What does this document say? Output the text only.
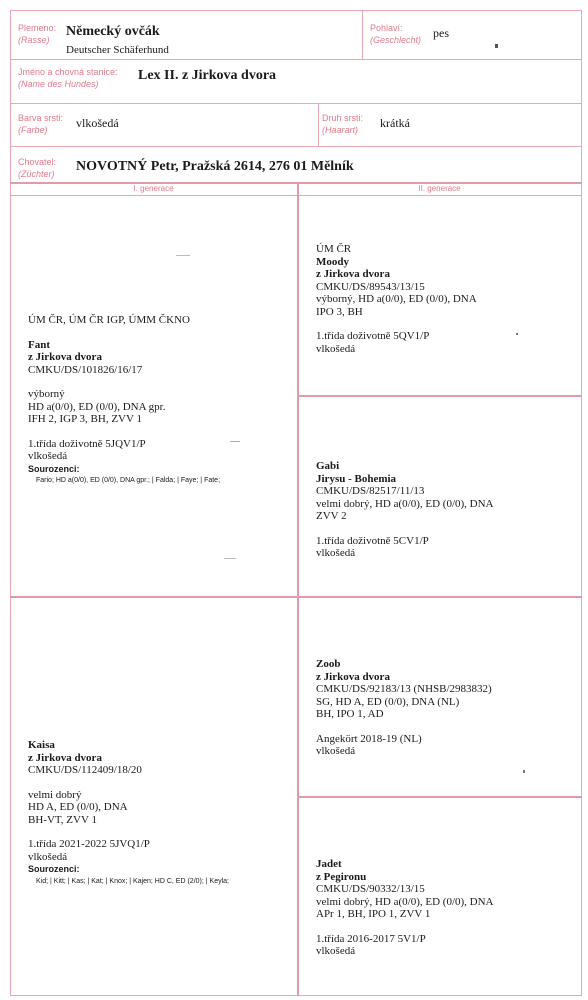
Plemeno:
(Rasse)
Německý ovčák
Deutscher Schäferhund
Pohlaví:
(Geschlecht) pes
Jméno a chovná stanice:
(Name des Hundes)
Lex II. z Jirkova dvora
Barva srsti:
(Farbe)	vlkošedá	Druh srsti:
(Haarart)	krátká
Chovatel:
(Züchter) NOVOTNÝ Petr, Pražská 2614, 276 01 Mělník
I. generace	II. generace
ÚM ČR, ÚM ČR IGP, ÚMM ČKNO
Fant
z Jirkova dvora
CMKU/DS/101826/16/17
výborný
HD a(0/0), ED (0/0), DNA gpr.
IFH 2, IGP 3, BH, ZVV 1
1.třída doživotně 5JQV1/P
vlkošedá
Sourozenci:
Fario; HD a(0/0), ED (0/0), DNA gpr.; | Falda; | Faye; | Fate;
Kaisa
z Jirkova dvora
CMKU/DS/112409/18/20
velmi dobrý
HD A, ED (0/0), DNA
BH-VT, ZVV 1
1.třída 2021-2022 5JVQ1/P
vlkošedá
Sourozenci:
Kid; | Kitt; | Kas; | Kat; | Knox; | Kajen; HD C, ED (2/0); | Keyla;
ÚM ČR
Moody
z Jirkova dvora
CMKU/DS/89543/13/15
výborný, HD a(0/0), ED (0/0), DNA
IPO 3, BH
1.třída doživotně 5QV1/P
vlkošedá
Gabi
Jirysu - Bohemia
CMKU/DS/82517/11/13
velmi dobrý, HD a(0/0), ED (0/0), DNA
ZVV 2
1.třída doživotně 5CV1/P
vlkošedá
Zoob
z Jirkova dvora
CMKU/DS/92183/13 (NHSB/2983832)
SG, HD A, ED (0/0), DNA (NL)
BH, IPO 1, AD
Angekört 2018-19 (NL)
vlkošedá
Jadet
z Pegironu
CMKU/DS/90332/13/15
velmi dobrý, HD a(0/0), ED (0/0), DNA
APr 1, BH, IPO 1, ZVV 1
1.třída 2016-2017 5V1/P
vlkošedá
